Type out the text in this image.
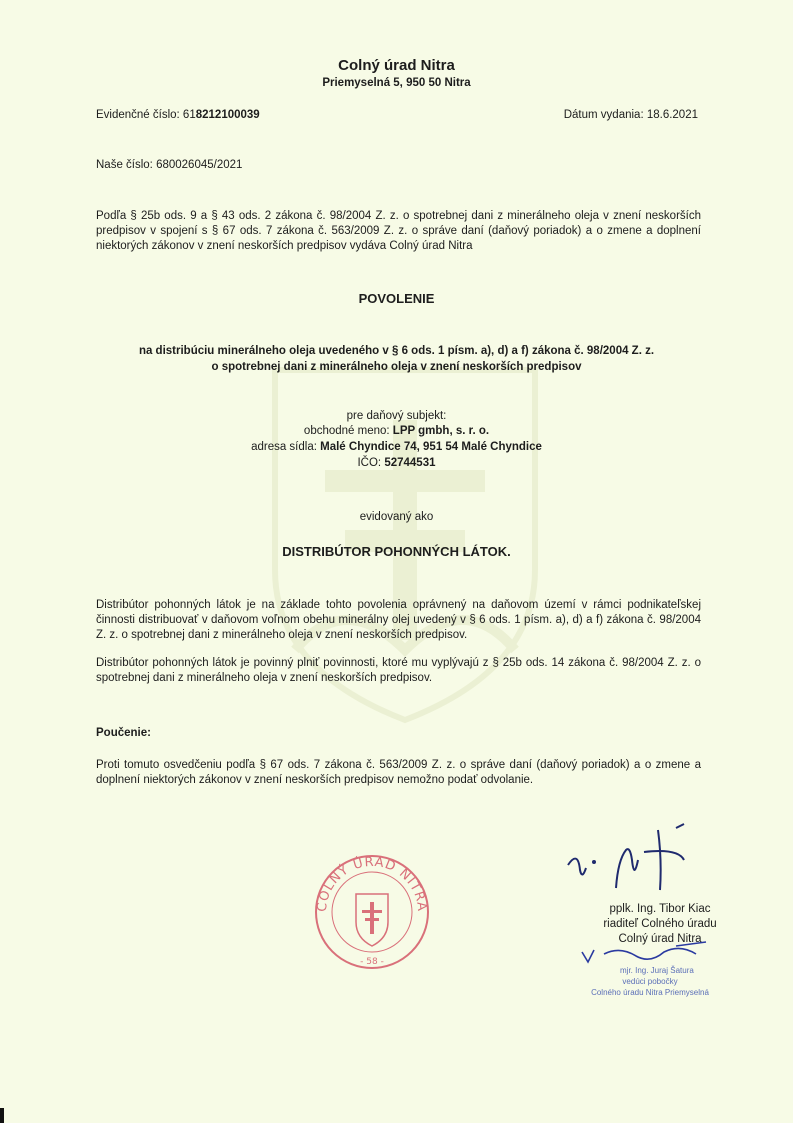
Colný úrad Nitra
Priemyselná 5, 950 50 Nitra
Evidenčné číslo: 618212100039	Dátum vydania: 18.6.2021
Naše číslo: 680026045/2021
Podľa § 25b ods. 9 a § 43 ods. 2 zákona č. 98/2004 Z. z. o spotrebnej dani z minerálneho oleja v znení neskorších predpisov v spojení s § 67 ods. 7 zákona č. 563/2009 Z. z. o správe daní (daňový poriadok) a o zmene a doplnení niektorých zákonov v znení neskorších predpisov vydáva Colný úrad Nitra
POVOLENIE
na distribúciu minerálneho oleja uvedeného v § 6 ods. 1 písm. a), d) a f) zákona č. 98/2004 Z. z.
o spotrebnej dani z minerálneho oleja v znení neskorších predpisov
pre daňový subjekt:
obchodné meno: LPP gmbh, s. r. o.
adresa sídla: Malé Chyndice 74, 951 54 Malé Chyndice
IČO: 52744531
evidovaný ako
DISTRIBÚTOR POHONNÝCH LÁTOK.
Distribútor pohonných látok je na základe tohto povolenia oprávnený na daňovom území v rámci podnikateľskej činnosti distribuovať v daňovom voľnom obehu minerálny olej uvedený v § 6 ods. 1 písm. a), d) a f) zákona č. 98/2004 Z. z. o spotrebnej dani z minerálneho oleja v znení neskorších predpisov.
Distribútor pohonných látok je povinný plniť povinnosti, ktoré mu vyplývajú z § 25b ods. 14 zákona č. 98/2004 Z. z. o spotrebnej dani z minerálneho oleja v znení neskorších predpisov.
Poučenie:
Proti tomuto osvedčeniu podľa § 67 ods. 7 zákona č. 563/2009 Z. z. o správe daní (daňový poriadok) a o zmene a doplnení niektorých zákonov v znení neskorších predpisov nemožno podať odvolanie.
COLNÝ ÚRAD NITRA
- 58 -
pplk. Ing. Tibor Kiac
riaditeľ Colného úradu
Colný úrad Nitra
mjr. Ing. Juraj Šatura
vedúci pobočky
Colného úradu Nitra Priemyselná
